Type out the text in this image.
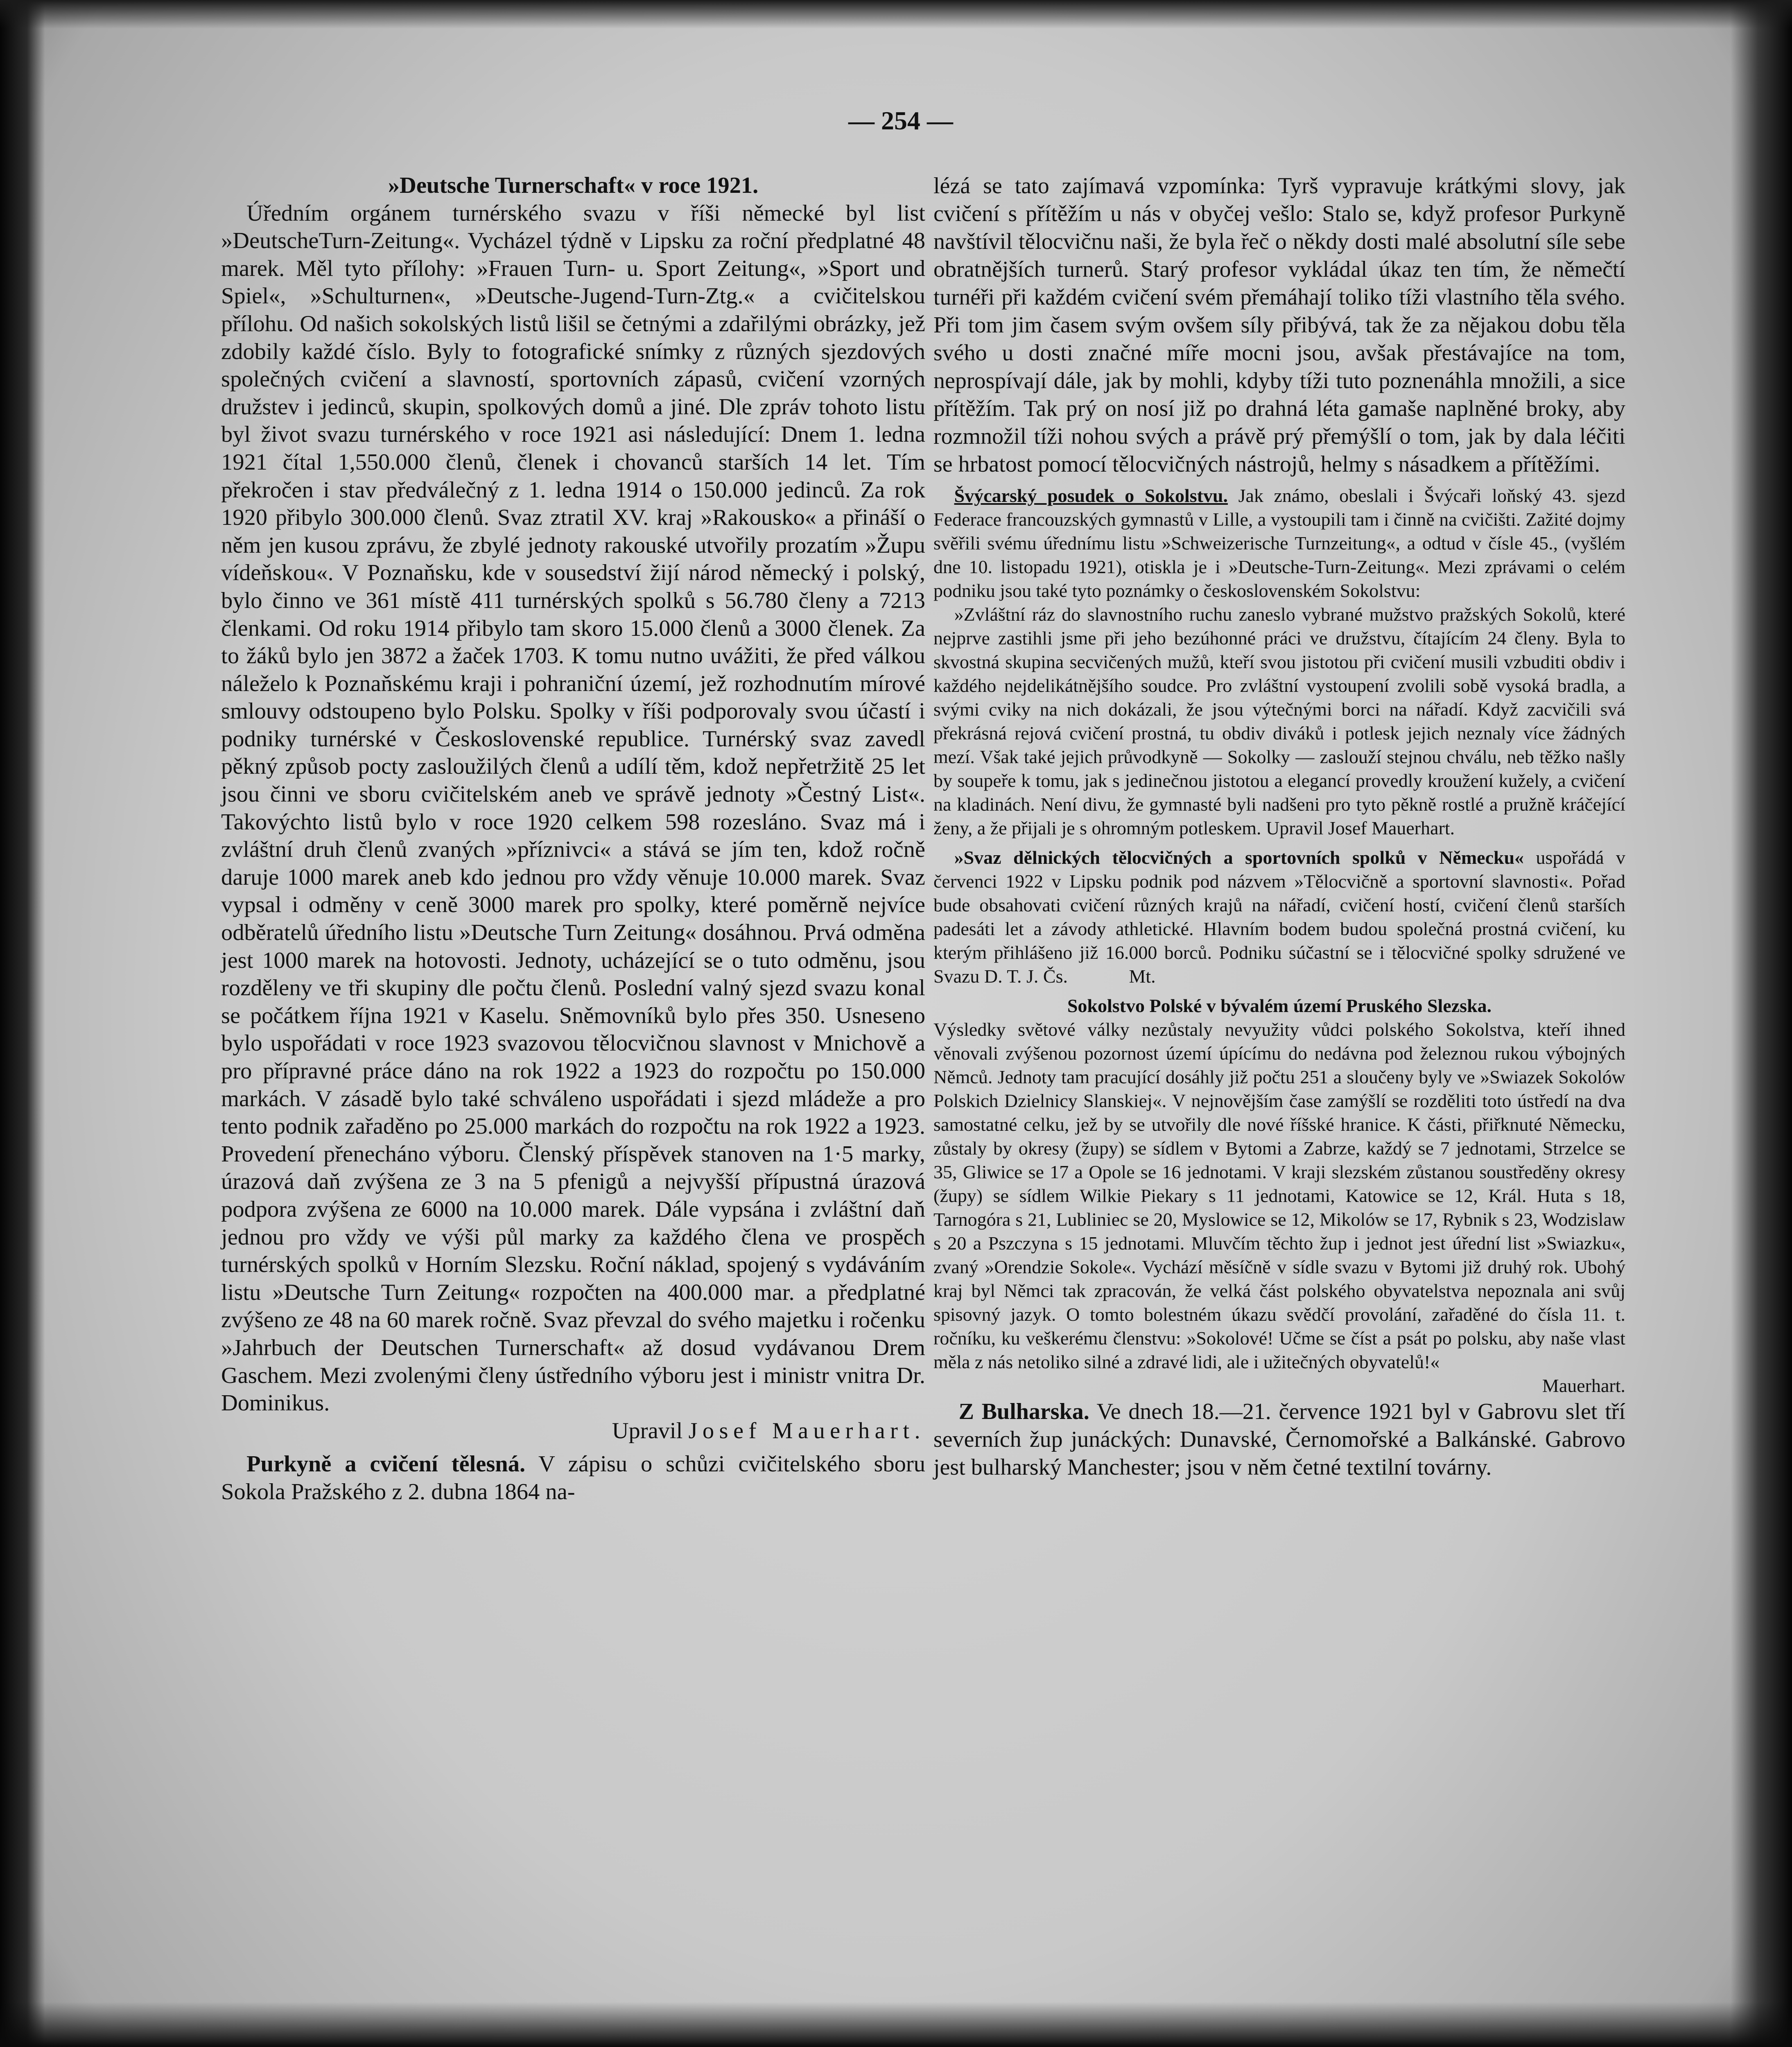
— 254 —
»Deutsche Turnerschaft« v roce 1921.

Úředním orgánem turnérského svazu v říši německé byl list »DeutscheTurn-Zeitung«. Vycházel týdně v Lipsku za roční předplatné 48 marek. Měl tyto přílohy: »Frauen Turn- u. Sport Zeitung«, »Sport und Spiel«, »Schulturnen«, »Deutsche-Jugend-Turn-Ztg.« a cvičitelskou přílohu. Od našich sokolských listů lišil se četnými a zdařilými obrázky, jež zdobily každé číslo. Byly to fotografické snímky z různých sjezdových společných cvičení a slavností, sportovních zápasů, cvičení vzorných družstev i jedinců, skupin, spolkových domů a jiné. Dle zpráv tohoto listu byl život svazu turnérského v roce 1921 asi následující: Dnem 1. ledna 1921 čítal 1,550.000 členů, členek i chovanců starších 14 let. Tím překročen i stav předválečný z 1. ledna 1914 o 150.000 jedinců. Za rok 1920 přibylo 300.000 členů. Svaz ztratil XV. kraj »Rakousko« a přináší o něm jen kusou zprávu, že zbylé jednoty rakouské utvořily prozatím »Župu vídeňskou«. V Poznaňsku, kde v sousedství žijí národ německý i polský, bylo činno ve 361 místě 411 turnérských spolků s 56.780 členy a 7213 členkami. Od roku 1914 přibylo tam skoro 15.000 členů a 3000 členek. Za to žáků bylo jen 3872 a žaček 1703. K tomu nutno uvážiti, že před válkou náleželo k Poznaňskému kraji i pohraniční území, jež rozhodnutím mírové smlouvy odstoupeno bylo Polsku. Spolky v říši podporovaly svou účastí i podniky turnérské v Československé republice. Turnérský svaz zavedl pěkný způsob pocty zasloužilých členů a udílí těm, kdož nepřetržitě 25 let jsou činni ve sboru cvičitelském aneb ve správě jednoty »Čestný List«. Takovýchto listů bylo v roce 1920 celkem 598 rozesláno. Svaz má i zvláštní druh členů zvaných »příznivci« a stává se jím ten, kdož ročně daruje 1000 marek aneb kdo jednou pro vždy věnuje 10.000 marek. Svaz vypsal i odměny v ceně 3000 marek pro spolky, které poměrně nejvíce odběratelů úředního listu »Deutsche Turn Zeitung« dosáhnou. Prvá odměna jest 1000 marek na hotovosti. Jednoty, ucházející se o tuto odměnu, jsou rozděleny ve tři skupiny dle počtu členů. Poslední valný sjezd svazu konal se počátkem října 1921 v Kaselu. Sněmovníků bylo přes 350. Usneseno bylo uspořádati v roce 1923 svazovou tělocvičnou slavnost v Mnichově a pro přípravné práce dáno na rok 1922 a 1923 do rozpočtu po 150.000 markách. V zásadě bylo také schváleno uspořádati i sjezd mládeže a pro tento podnik zařaděno po 25.000 markách do rozpočtu na rok 1922 a 1923. Provedení přenecháno výboru. Členský příspěvek stanoven na 1·5 marky, úrazová daň zvýšena ze 3 na 5 pfenigů a nejvyšší přípustná úrazová podpora zvýšena ze 6000 na 10.000 marek. Dále vypsána i zvláštní daň jednou pro vždy ve výši půl marky za každého člena ve prospěch turnérských spolků v Horním Slezsku. Roční náklad, spojený s vydáváním listu »Deutsche Turn Zeitung« rozpočten na 400.000 mar. a předplatné zvýšeno ze 48 na 60 marek ročně. Svaz převzal do svého majetku i ročenku »Jahrbuch der Deutschen Turnerschaft« až dosud vydávanou Drem Gaschem. Mezi zvolenými členy ústředního výboru jest i ministr vnitra Dr. Dominikus.

Upravil Josef Mauerhart.

Purkyně a cvičení tělesná. V zápisu o schůzi cvičitelského sboru Sokola Pražského z 2. dubna 1864 na-

lézá se tato zajímavá vzpomínka: Tyrš vypravuje krátkými slovy, jak cvičení s přítěžím u nás v obyčej vešlo: Stalo se, když profesor Purkyně navštívil tělocvičnu naši, že byla řeč o někdy dosti malé absolutní síle sebe obratnějších turnerů. Starý profesor vykládal úkaz ten tím, že němečtí turnéři při každém cvičení svém přemáhají toliko tíži vlastního těla svého. Při tom jim časem svým ovšem síly přibývá, tak že za nějakou dobu těla svého u dosti značné míře mocni jsou, avšak přestávajíce na tom, neprospívají dále, jak by mohli, kdyby tíži tuto poznenáhla množili, a sice přítěžím. Tak prý on nosí již po drahná léta gamaše naplněné broky, aby rozmnožil tíži nohou svých a právě prý přemýšlí o tom, jak by dala léčiti se hrbatost pomocí tělocvičných nástrojů, helmy s násadkem a přítěžími.

Švýcarský posudek o Sokolstvu. Jak známo, obeslali i Švýcaři loňský 43. sjezd Federace francouzských gymnastů v Lille, a vystoupili tam i činně na cvičišti. Zažité dojmy svěřili svému úřednímu listu »Schweizerische Turnzeitung«, a odtud v čísle 45., (vyšlém dne 10. listopadu 1921), otiskla je i »Deutsche-Turn-Zeitung«. Mezi zprávami o celém podniku jsou také tyto poznámky o československém Sokolstvu:

»Zvláštní ráz do slavnostního ruchu zaneslo vybrané mužstvo pražských Sokolů, které nejprve zastihli jsme při jeho bezúhonné práci ve družstvu, čítajícím 24 členy. Byla to skvostná skupina secvičených mužů, kteří svou jistotou při cvičení musili vzbuditi obdiv i každého nejdelikátnějšího soudce. Pro zvláštní vystoupení zvolili sobě vysoká bradla, a svými cviky na nich dokázali, že jsou výtečnými borci na nářadí. Když zacvičili svá překrásná rejová cvičení prostná, tu obdiv diváků i potlesk jejich neznaly více žádných mezí. Však také jejich průvodkyně — Sokolky — zaslouží stejnou chválu, neb těžko našly by soupeře k tomu, jak s jedinečnou jistotou a elegancí provedly kroužení kužely, a cvičení na kladinách. Není divu, že gymnasté byli nadšeni pro tyto pěkně rostlé a pružně kráčející ženy, a že přijali je s ohromným potleskem. Upravil Josef Mauerhart.

»Svaz dělnických tělocvičných a sportovních spolků v Německu« uspořádá v červenci 1922 v Lipsku podnik pod názvem »Tělocvičně a sportovní slavnosti«. Pořad bude obsahovati cvičení různých krajů na nářadí, cvičení hostí, cvičení členů starších padesáti let a závody athletické. Hlavním bodem budou společná prostná cvičení, ku kterým přihlášeno již 16.000 borců. Podniku súčastní se i tělocvičné spolky sdružené ve Svazu D. T. J. Čs.	Mt.

Sokolstvo Polské v bývalém území Pruského Slezska.

Výsledky světové války nezůstaly nevyužity vůdci polského Sokolstva, kteří ihned věnovali zvýšenou pozornost území úpícímu do nedávna pod železnou rukou výbojných Němců. Jednoty tam pracující dosáhly již počtu 251 a sloučeny byly ve »Swiazek Sokolów Polskich Dzielnicy Slanskiej«. V nejnovějším čase zamýšlí se rozděliti toto ústředí na dva samostatné celku, jež by se utvořily dle nové říšské hranice. K části, přiřknuté Německu, zůstaly by okresy (župy) se sídlem v Bytomi a Zabrze, každý se 7 jednotami, Strzelce se 35, Gliwice se 17 a Opole se 16 jednotami. V kraji slezském zůstanou soustředěny okresy (župy) se sídlem Wilkie Piekary s 11 jednotami, Katowice se 12, Král. Huta s 18, Tarnogóra s 21, Lubliniec se 20, Myslowice se 12, Mikolów se 17, Rybnik s 23, Wodzislaw s 20 a Pszczyna s 15 jednotami. Mluvčím těchto žup i jednot jest úřední list »Swiazku«, zvaný »Orendzie Sokole«. Vychází měsíčně v sídle svazu v Bytomi již druhý rok. Ubohý kraj byl Němci tak zpracován, že velká část polského obyvatelstva nepoznala ani svůj spisovný jazyk. O tomto bolestném úkazu svědčí provolání, zařaděné do čísla 11. t. ročníku, ku veškerému členstvu: »Sokolové! Učme se číst a psát po polsku, aby naše vlast měla z nás netoliko silné a zdravé lidi, ale i užitečných obyvatelů!«

Mauerhart.

Z Bulharska. Ve dnech 18.—21. července 1921 byl v Gabrovu slet tří severních žup junáckých: Dunavské, Černomořské a Balkánské. Gabrovo jest bulharský Manchester; jsou v něm četné textilní továrny.
